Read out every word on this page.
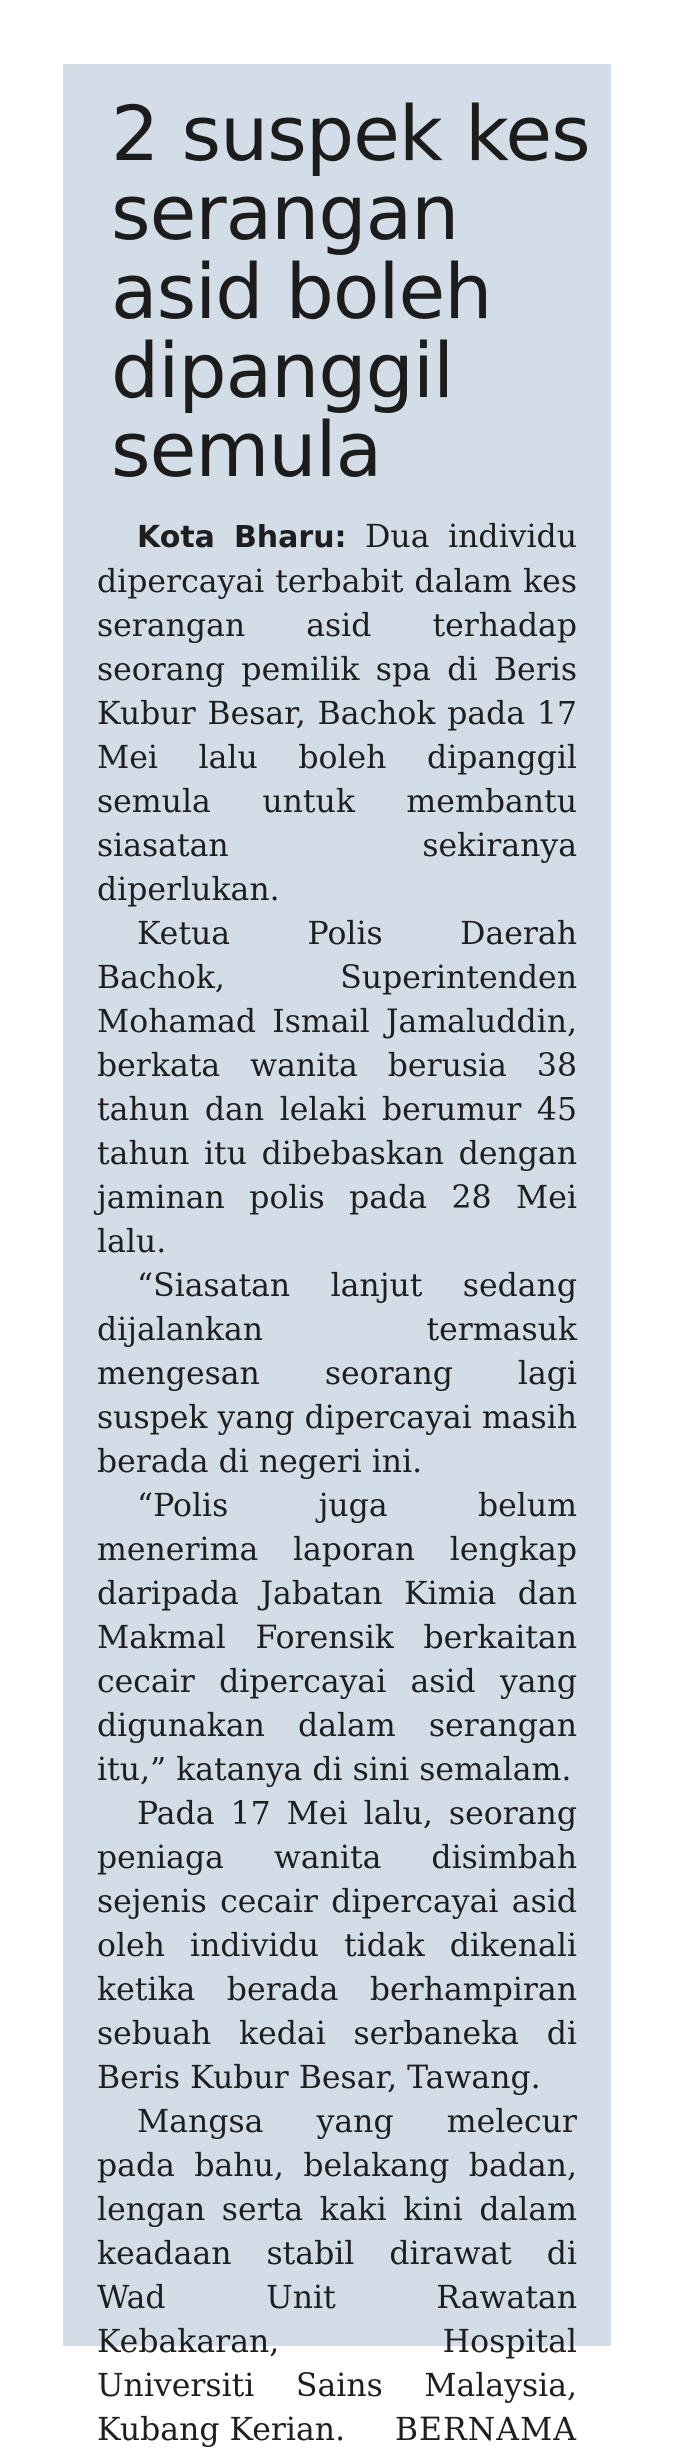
2 suspek kes
serangan
asid boleh
dipanggil
semula

Kota Bharu: Dua individu dipercayai terbabit dalam kes serangan asid terhadap seorang pemilik spa di Beris Kubur Besar, Bachok pada 17 Mei lalu boleh dipanggil semula untuk membantu siasatan sekiranya diperlukan.

Ketua Polis Daerah Bachok, Superintenden Mohamad Ismail Jamaluddin, berkata wanita berusia 38 tahun dan lelaki berumur 45 tahun itu dibebaskan dengan jaminan polis pada 28 Mei lalu.

“Siasatan lanjut sedang dijalankan termasuk mengesan seorang lagi suspek yang dipercayai masih berada di negeri ini.

“Polis juga belum menerima laporan lengkap daripada Jabatan Kimia dan Makmal Forensik berkaitan cecair dipercayai asid yang digunakan dalam serangan itu,” katanya di sini semalam.

Pada 17 Mei lalu, seorang peniaga wanita disimbah sejenis cecair dipercayai asid oleh individu tidak dikenali ketika berada berhampiran sebuah kedai serbaneka di Beris Kubur Besar, Tawang.

Mangsa yang melecur pada bahu, belakang badan, lengan serta kaki kini dalam keadaan stabil dirawat di Wad Unit Rawatan Kebakaran, Hospital Universiti Sains Malaysia, Kubang Kerian.	BERNAMA
